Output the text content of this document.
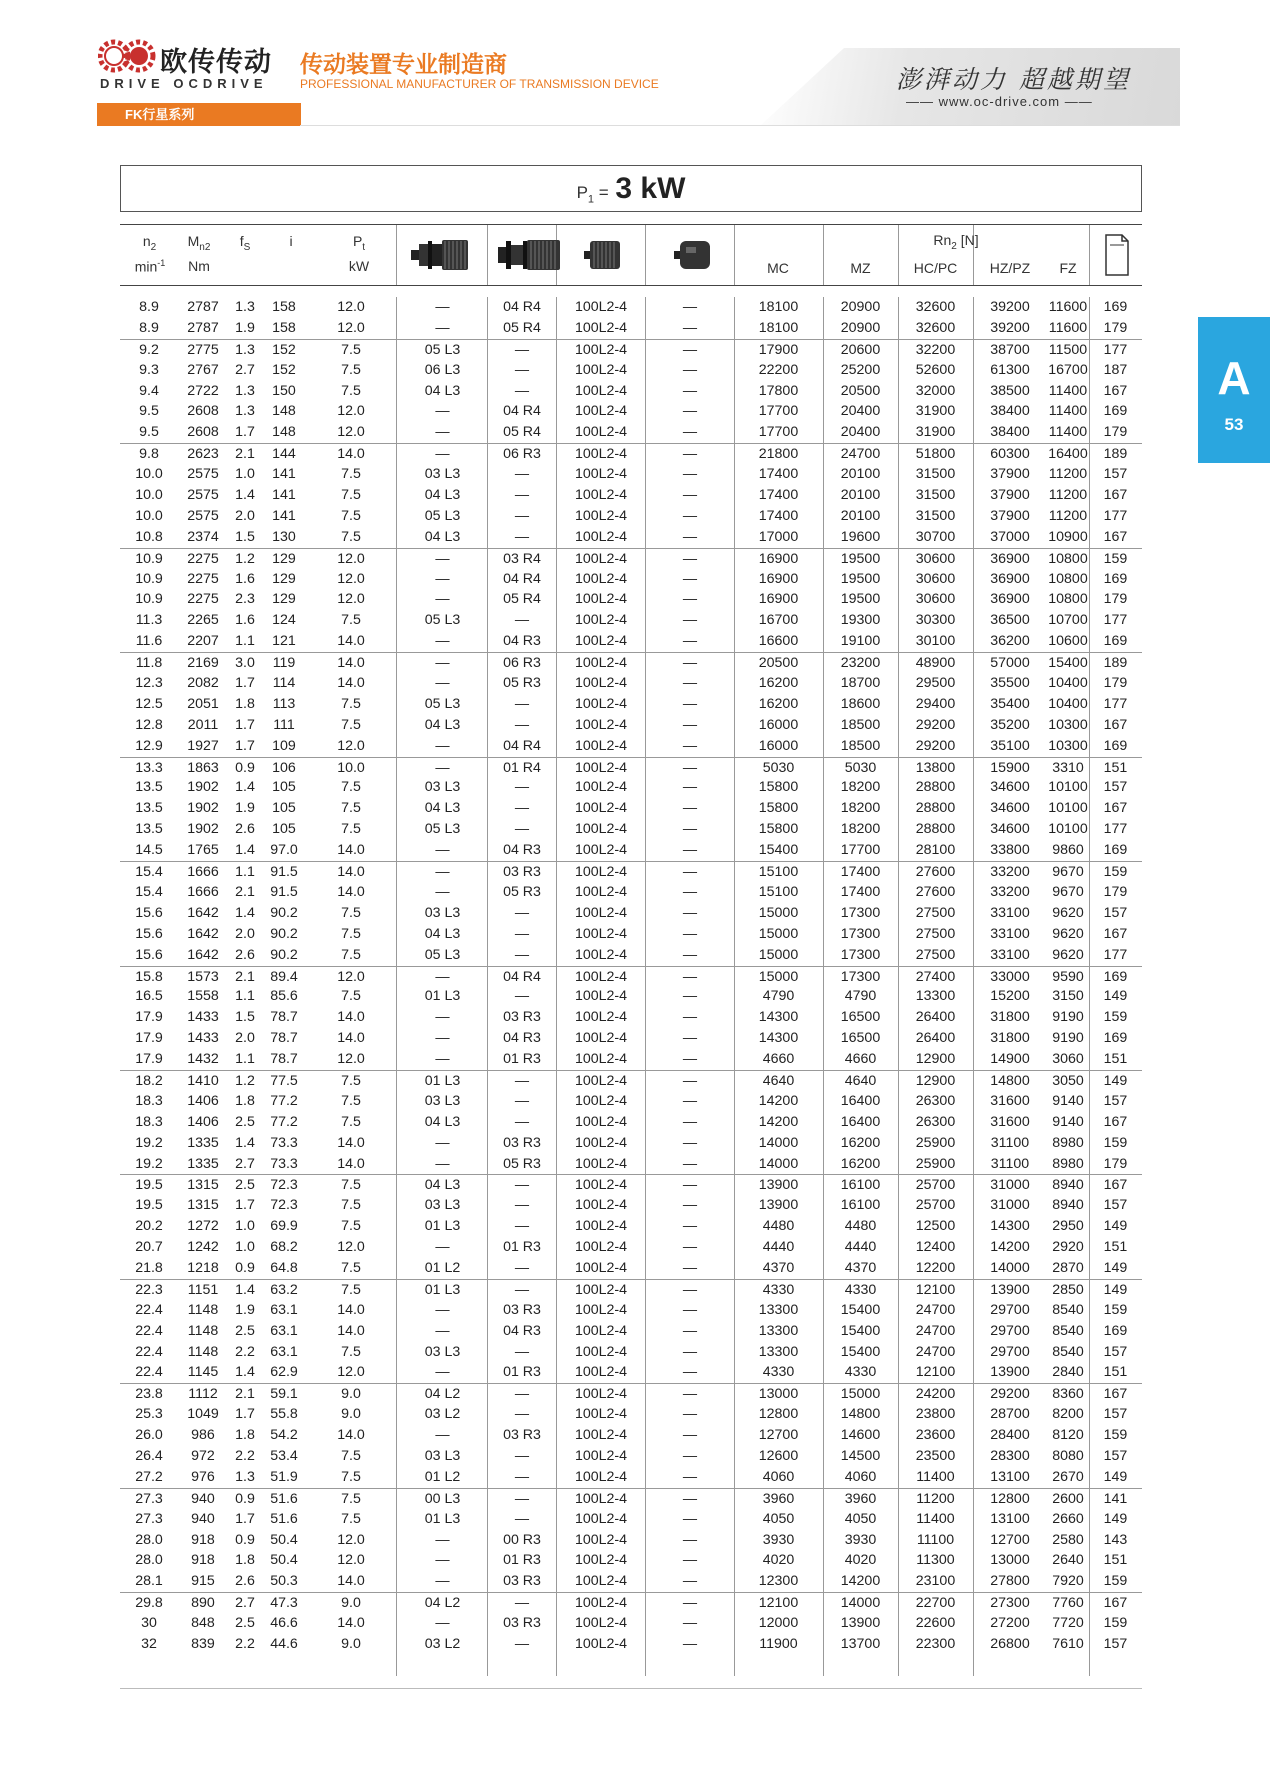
欧传传动
DRIVE OCDRIVE
传动装置专业制造商
PROFESSIONAL MANUFACTURER OF TRANSMISSION DEVICE	澎湃动力 超越期望
—— www.oc-drive.com ——
FK行星系列
A
53
$P_1 = 3$ kW
$n_2$
$\min^{-1}$
$M_{n2}$
Nm
$f_S$	i	$P_t$
kW
$Rn_2$ [N]
MC	MZ	HC/PC	HZ/PZ	FZ
8.9	2787	1.3	158	12.0	—	04 R4	100L2-4	—	18100	20900	32600	39200	11600	169
8.9	2787	1.9	158	12.0	—	05 R4	100L2-4	—	18100	20900	32600	39200	11600	179
9.2	2775	1.3	152	7.5	05 L3	—	100L2-4	—	17900	20600	32200	38700	11500	177
9.3	2767	2.7	152	7.5	06 L3	—	100L2-4	—	22200	25200	52600	61300	16700	187
9.4	2722	1.3	150	7.5	04 L3	—	100L2-4	—	17800	20500	32000	38500	11400	167
9.5	2608	1.3	148	12.0	—	04 R4	100L2-4	—	17700	20400	31900	38400	11400	169
9.5	2608	1.7	148	12.0	—	05 R4	100L2-4	—	17700	20400	31900	38400	11400	179
9.8	2623	2.1	144	14.0	—	06 R3	100L2-4	—	21800	24700	51800	60300	16400	189
10.0	2575	1.0	141	7.5	03 L3	—	100L2-4	—	17400	20100	31500	37900	11200	157
10.0	2575	1.4	141	7.5	04 L3	—	100L2-4	—	17400	20100	31500	37900	11200	167
10.0	2575	2.0	141	7.5	05 L3	—	100L2-4	—	17400	20100	31500	37900	11200	177
10.8	2374	1.5	130	7.5	04 L3	—	100L2-4	—	17000	19600	30700	37000	10900	167
10.9	2275	1.2	129	12.0	—	03 R4	100L2-4	—	16900	19500	30600	36900	10800	159
10.9	2275	1.6	129	12.0	—	04 R4	100L2-4	—	16900	19500	30600	36900	10800	169
10.9	2275	2.3	129	12.0	—	05 R4	100L2-4	—	16900	19500	30600	36900	10800	179
11.3	2265	1.6	124	7.5	05 L3	—	100L2-4	—	16700	19300	30300	36500	10700	177
11.6	2207	1.1	121	14.0	—	04 R3	100L2-4	—	16600	19100	30100	36200	10600	169
11.8	2169	3.0	119	14.0	—	06 R3	100L2-4	—	20500	23200	48900	57000	15400	189
12.3	2082	1.7	114	14.0	—	05 R3	100L2-4	—	16200	18700	29500	35500	10400	179
12.5	2051	1.8	113	7.5	05 L3	—	100L2-4	—	16200	18600	29400	35400	10400	177
12.8	2011	1.7	111	7.5	04 L3	—	100L2-4	—	16000	18500	29200	35200	10300	167
12.9	1927	1.7	109	12.0	—	04 R4	100L2-4	—	16000	18500	29200	35100	10300	169
13.3	1863	0.9	106	10.0	—	01 R4	100L2-4	—	5030	5030	13800	15900	3310	151
13.5	1902	1.4	105	7.5	03 L3	—	100L2-4	—	15800	18200	28800	34600	10100	157
13.5	1902	1.9	105	7.5	04 L3	—	100L2-4	—	15800	18200	28800	34600	10100	167
13.5	1902	2.6	105	7.5	05 L3	—	100L2-4	—	15800	18200	28800	34600	10100	177
14.5	1765	1.4	97.0	14.0	—	04 R3	100L2-4	—	15400	17700	28100	33800	9860	169
15.4	1666	1.1	91.5	14.0	—	03 R3	100L2-4	—	15100	17400	27600	33200	9670	159
15.4	1666	2.1	91.5	14.0	—	05 R3	100L2-4	—	15100	17400	27600	33200	9670	179
15.6	1642	1.4	90.2	7.5	03 L3	—	100L2-4	—	15000	17300	27500	33100	9620	157
15.6	1642	2.0	90.2	7.5	04 L3	—	100L2-4	—	15000	17300	27500	33100	9620	167
15.6	1642	2.6	90.2	7.5	05 L3	—	100L2-4	—	15000	17300	27500	33100	9620	177
15.8	1573	2.1	89.4	12.0	—	04 R4	100L2-4	—	15000	17300	27400	33000	9590	169
16.5	1558	1.1	85.6	7.5	01 L3	—	100L2-4	—	4790	4790	13300	15200	3150	149
17.9	1433	1.5	78.7	14.0	—	03 R3	100L2-4	—	14300	16500	26400	31800	9190	159
17.9	1433	2.0	78.7	14.0	—	04 R3	100L2-4	—	14300	16500	26400	31800	9190	169
17.9	1432	1.1	78.7	12.0	—	01 R3	100L2-4	—	4660	4660	12900	14900	3060	151
18.2	1410	1.2	77.5	7.5	01 L3	—	100L2-4	—	4640	4640	12900	14800	3050	149
18.3	1406	1.8	77.2	7.5	03 L3	—	100L2-4	—	14200	16400	26300	31600	9140	157
18.3	1406	2.5	77.2	7.5	04 L3	—	100L2-4	—	14200	16400	26300	31600	9140	167
19.2	1335	1.4	73.3	14.0	—	03 R3	100L2-4	—	14000	16200	25900	31100	8980	159
19.2	1335	2.7	73.3	14.0	—	05 R3	100L2-4	—	14000	16200	25900	31100	8980	179
19.5	1315	2.5	72.3	7.5	04 L3	—	100L2-4	—	13900	16100	25700	31000	8940	167
19.5	1315	1.7	72.3	7.5	03 L3	—	100L2-4	—	13900	16100	25700	31000	8940	157
20.2	1272	1.0	69.9	7.5	01 L3	—	100L2-4	—	4480	4480	12500	14300	2950	149
20.7	1242	1.0	68.2	12.0	—	01 R3	100L2-4	—	4440	4440	12400	14200	2920	151
21.8	1218	0.9	64.8	7.5	01 L2	—	100L2-4	—	4370	4370	12200	14000	2870	149
22.3	1151	1.4	63.2	7.5	01 L3	—	100L2-4	—	4330	4330	12100	13900	2850	149
22.4	1148	1.9	63.1	14.0	—	03 R3	100L2-4	—	13300	15400	24700	29700	8540	159
22.4	1148	2.5	63.1	14.0	—	04 R3	100L2-4	—	13300	15400	24700	29700	8540	169
22.4	1148	2.2	63.1	7.5	03 L3	—	100L2-4	—	13300	15400	24700	29700	8540	157
22.4	1145	1.4	62.9	12.0	—	01 R3	100L2-4	—	4330	4330	12100	13900	2840	151
23.8	1112	2.1	59.1	9.0	04 L2	—	100L2-4	—	13000	15000	24200	29200	8360	167
25.3	1049	1.7	55.8	9.0	03 L2	—	100L2-4	—	12800	14800	23800	28700	8200	157
26.0	986	1.8	54.2	14.0	—	03 R3	100L2-4	—	12700	14600	23600	28400	8120	159
26.4	972	2.2	53.4	7.5	03 L3	—	100L2-4	—	12600	14500	23500	28300	8080	157
27.2	976	1.3	51.9	7.5	01 L2	—	100L2-4	—	4060	4060	11400	13100	2670	149
27.3	940	0.9	51.6	7.5	00 L3	—	100L2-4	—	3960	3960	11200	12800	2600	141
27.3	940	1.7	51.6	7.5	01 L3	—	100L2-4	—	4050	4050	11400	13100	2660	149
28.0	918	0.9	50.4	12.0	—	00 R3	100L2-4	—	3930	3930	11100	12700	2580	143
28.0	918	1.8	50.4	12.0	—	01 R3	100L2-4	—	4020	4020	11300	13000	2640	151
28.1	915	2.6	50.3	14.0	—	03 R3	100L2-4	—	12300	14200	23100	27800	7920	159
29.8	890	2.7	47.3	9.0	04 L2	—	100L2-4	—	12100	14000	22700	27300	7760	167
30	848	2.5	46.6	14.0	—	03 R3	100L2-4	—	12000	13900	22600	27200	7720	159
32	839	2.2	44.6	9.0	03 L2	—	100L2-4	—	11900	13700	22300	26800	7610	157
